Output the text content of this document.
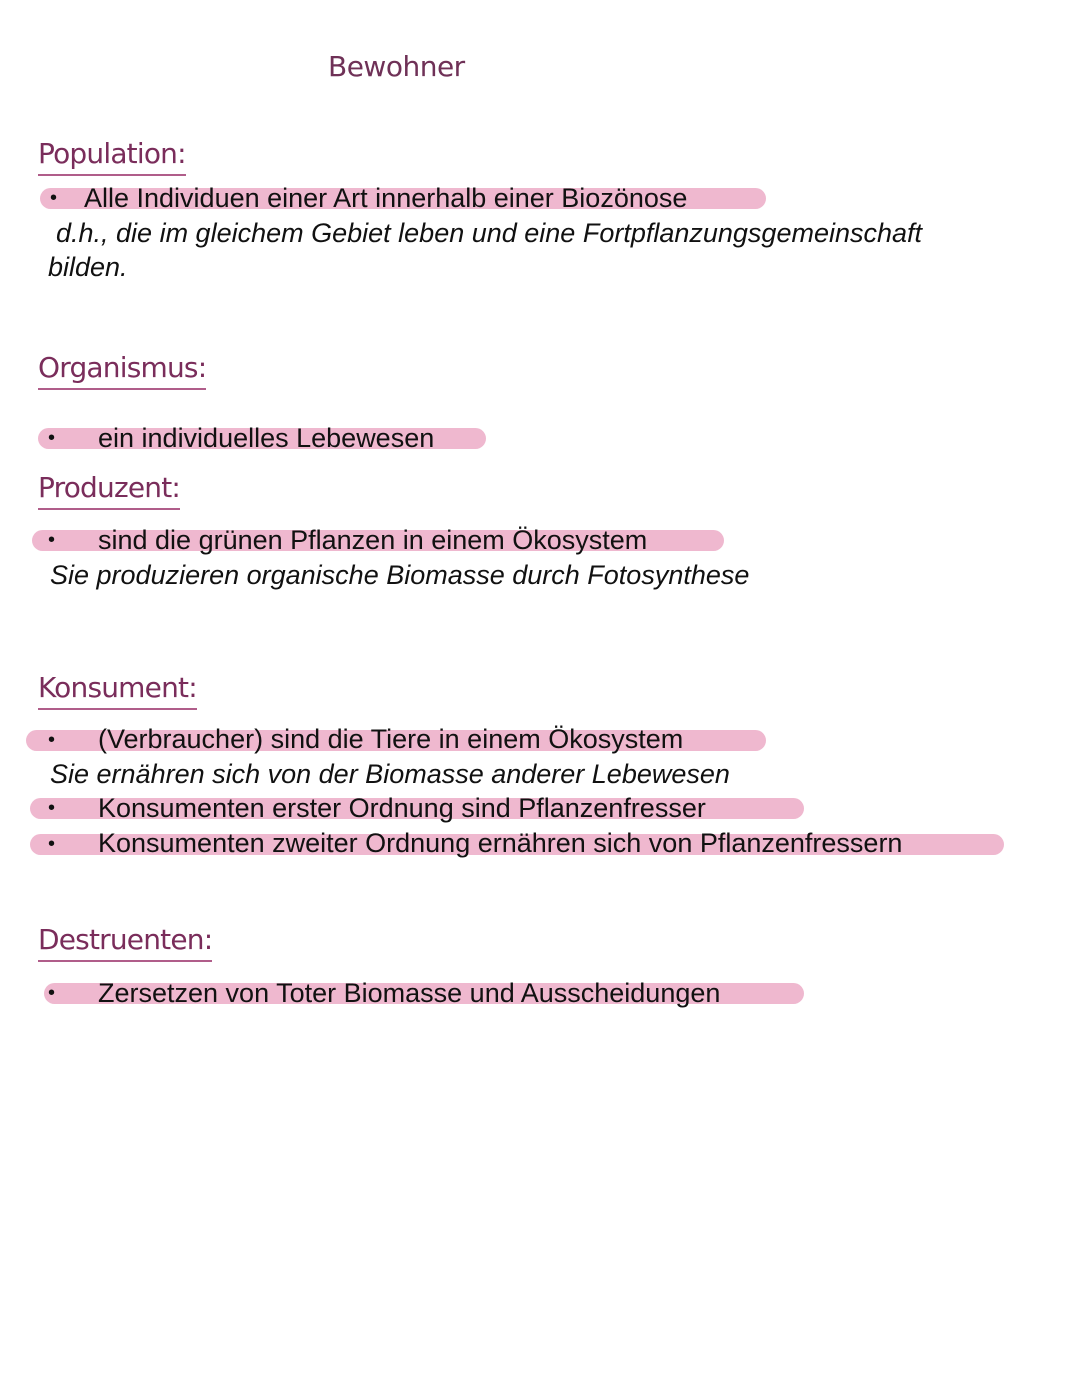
Bewohner
Population:
• Alle Individuen einer Art innerhalb einer Biozönose
d.h., die im gleichem Gebiet leben und eine Fortpflanzungsgemeinschaft
bilden.
Organismus:
• ein individuelles Lebewesen
Produzent:
• sind die grünen Pflanzen in einem Ökosystem
Sie produzieren organische Biomasse durch Fotosynthese
Konsument:
• (Verbraucher) sind die Tiere in einem Ökosystem
Sie ernähren sich von der Biomasse anderer Lebewesen
• Konsumenten erster Ordnung sind Pflanzenfresser
• Konsumenten zweiter Ordnung ernähren sich von Pflanzenfressern
Destruenten:
• Zersetzen von Toter Biomasse und Ausscheidungen
